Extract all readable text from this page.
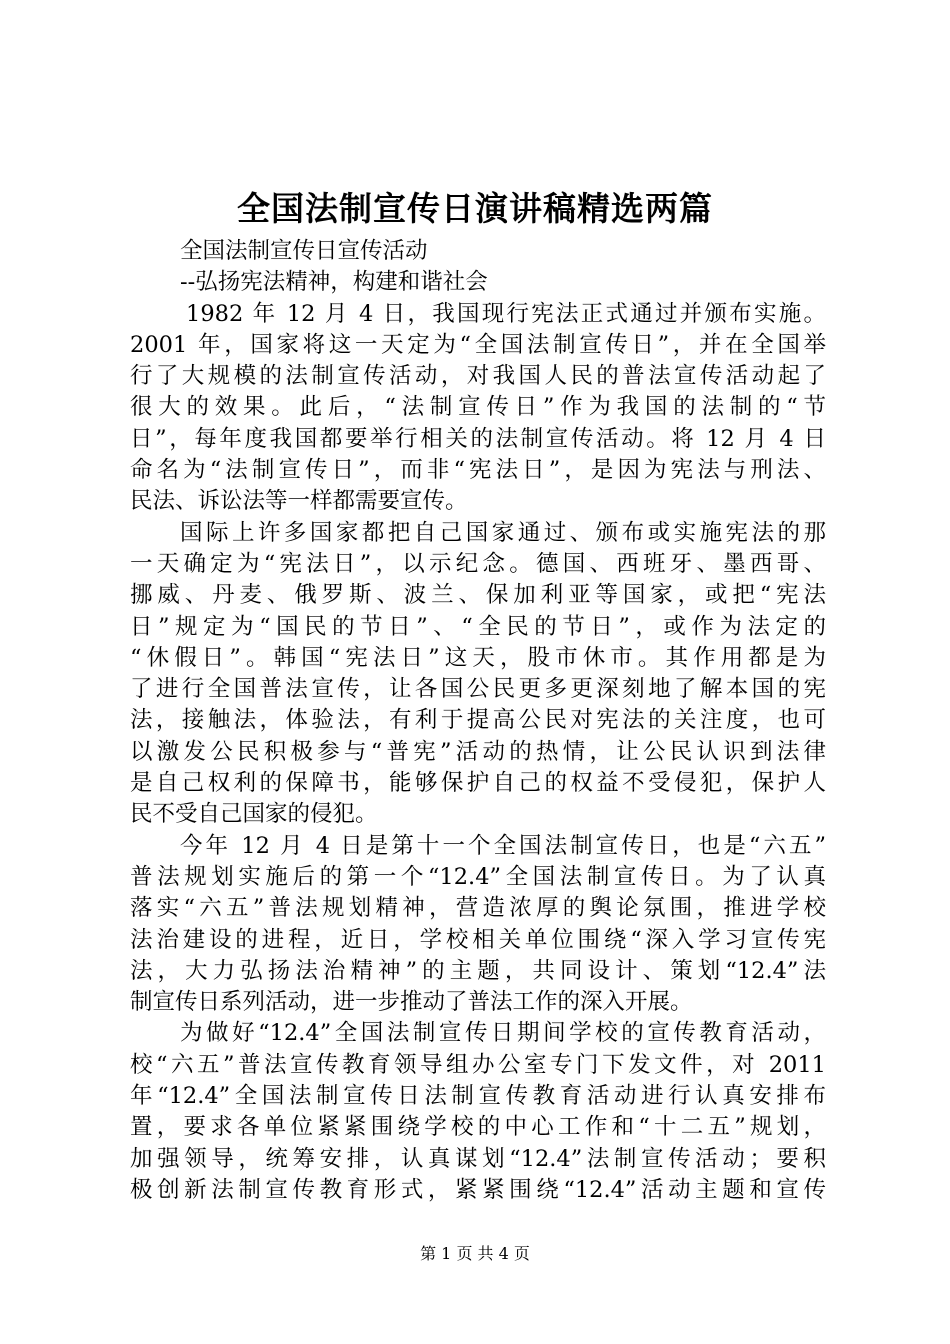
全国法制宣传日演讲稿精选两篇
全国法制宣传日宣传活动
--弘扬宪法精神，构建和谐社会
1982 年 12 月 4 日，我国现行宪法正式通过并颁布实施。
2001 年，国家将这一天定为“全国法制宣传日”，并在全国举
行了大规模的法制宣传活动，对我国人民的普法宣传活动起了
很大的效果。此后，“法制宣传日”作为我国的法制的“节
日”，每年度我国都要举行相关的法制宣传活动。将 12 月 4 日
命名为“法制宣传日”，而非“宪法日”，是因为宪法与刑法、
民法、诉讼法等一样都需要宣传。
国际上许多国家都把自己国家通过、颁布或实施宪法的那
一天确定为“宪法日”，以示纪念。德国、西班牙、墨西哥、
挪威、丹麦、俄罗斯、波兰、保加利亚等国家，或把“宪法
日”规定为“国民的节日”、“全民的节日”，或作为法定的
“休假日”。韩国“宪法日”这天，股市休市。其作用都是为
了进行全国普法宣传，让各国公民更多更深刻地了解本国的宪
法，接触法，体验法，有利于提高公民对宪法的关注度，也可
以激发公民积极参与“普宪”活动的热情，让公民认识到法律
是自己权利的保障书，能够保护自己的权益不受侵犯，保护人
民不受自己国家的侵犯。
今年 12 月 4 日是第十一个全国法制宣传日，也是“六五”
普法规划实施后的第一个“12.4”全国法制宣传日。为了认真
落实“六五”普法规划精神，营造浓厚的舆论氛围，推进学校
法治建设的进程，近日，学校相关单位围绕“深入学习宣传宪
法，大力弘扬法治精神”的主题，共同设计、策划“12.4”法
制宣传日系列活动，进一步推动了普法工作的深入开展。
为做好“12.4”全国法制宣传日期间学校的宣传教育活动，
校“六五”普法宣传教育领导组办公室专门下发文件，对 2011
年“12.4”全国法制宣传日法制宣传教育活动进行认真安排布
置，要求各单位紧紧围绕学校的中心工作和“十二五”规划，
加强领导，统筹安排，认真谋划“12.4”法制宣传活动；要积
极创新法制宣传教育形式，紧紧围绕“12.4”活动主题和宣传
第 1 页 共 4 页
